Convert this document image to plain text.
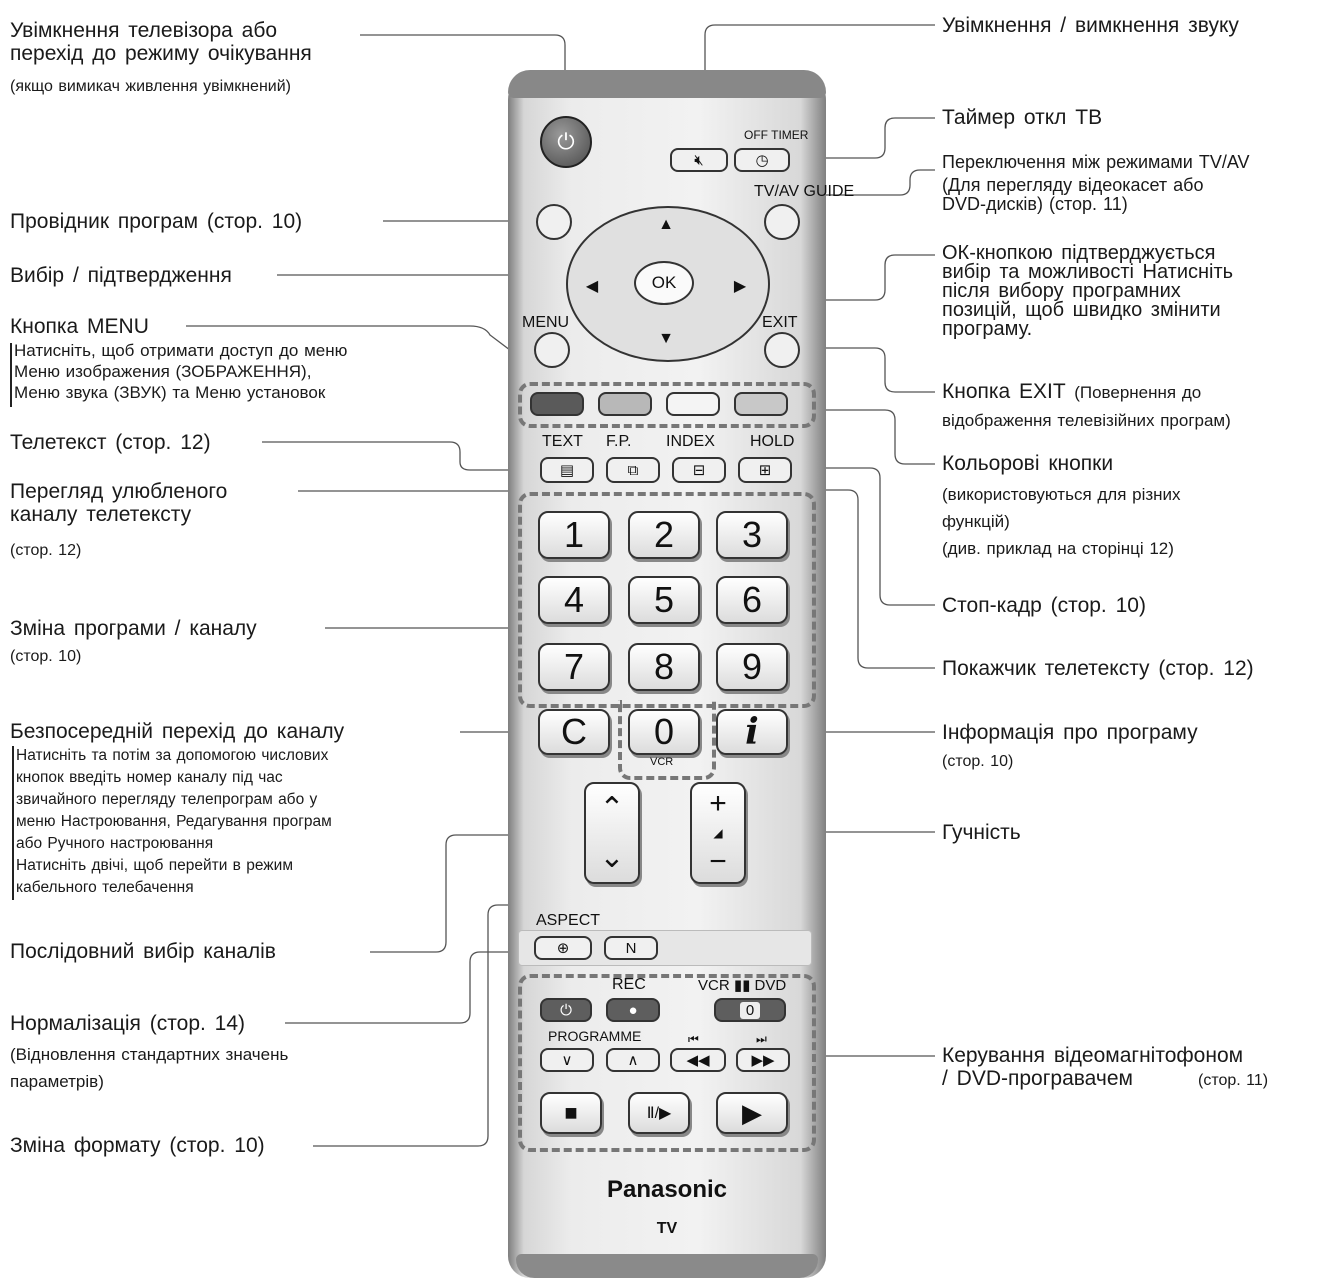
Увімкнення телевізора або
перехід до режиму очікування
(якщо вимикач живлення увімкнений)
Провідник програм (стор. 10)
Вибір / підтвердження
Кнопка MENU
Натисніть, щоб отримати доступ до меню
Меню изображения (ЗОБРАЖЕННЯ),
Меню звука (ЗВУК) та Меню установок
Телетекст (стор. 12)
Перегляд улюбленого
каналу телетексту
(стор. 12)
Зміна програми / каналу
(стор. 10)
Безпосередній перехід до каналу
Натисніть та потім за допомогою числових
кнопок введіть номер каналу під час
звичайного перегляду телепрограм або у
меню Настроювання, Редагування програм
або Ручного настроювання
Натисніть двічі, щоб перейти в режим
кабельного телебачення
Послідовний вибір каналів
Нормалізація (стор. 14)
(Відновлення стандартних значень
параметрів)
Зміна формату (стор. 10)
Увімкнення / вимкнення звуку
Таймер откл ТВ
Переключення між режимами TV/AV
(Для перегляду відеокасет або
DVD-дисків) (стор. 11)
ОК-кнопкою підтверджується
вибір та можливості Натисніть
після вибору програмних
позицій, щоб швидко змінити
програму.
Кнопка EXIT (Повернення до
відображення телевізійних програм)
Кольорові кнопки
(використовуються для різних
функцій)
(див. приклад на сторінці 12)
Стоп-кадр (стор. 10)
Покажчик телетексту (стор. 12)
Інформація про програму
(стор. 10)
Гучність
Керування відеомагнітофоном
/ DVD-програвачем	(стор. 11)
⏻
🔇︎
OFF TIMER
◷
TV/AV GUIDE
▲
▼
◀	▶
OK
MENU	EXIT
TEXT F.P. INDEX HOLD
▤	⧉	⊟	⊞
1	2	3
4	5	6
7	8	9
C	0
VCR
i
⌃
⌄
+
◢
−
ASPECT
⊕	N
REC	VCR ▮▮ DVD
⏻	●	0
PROGRAMME	⏮	⏭
∨	∧	◀◀	▶▶
■	Ⅱ/▶	▶
Panasonic
TV
